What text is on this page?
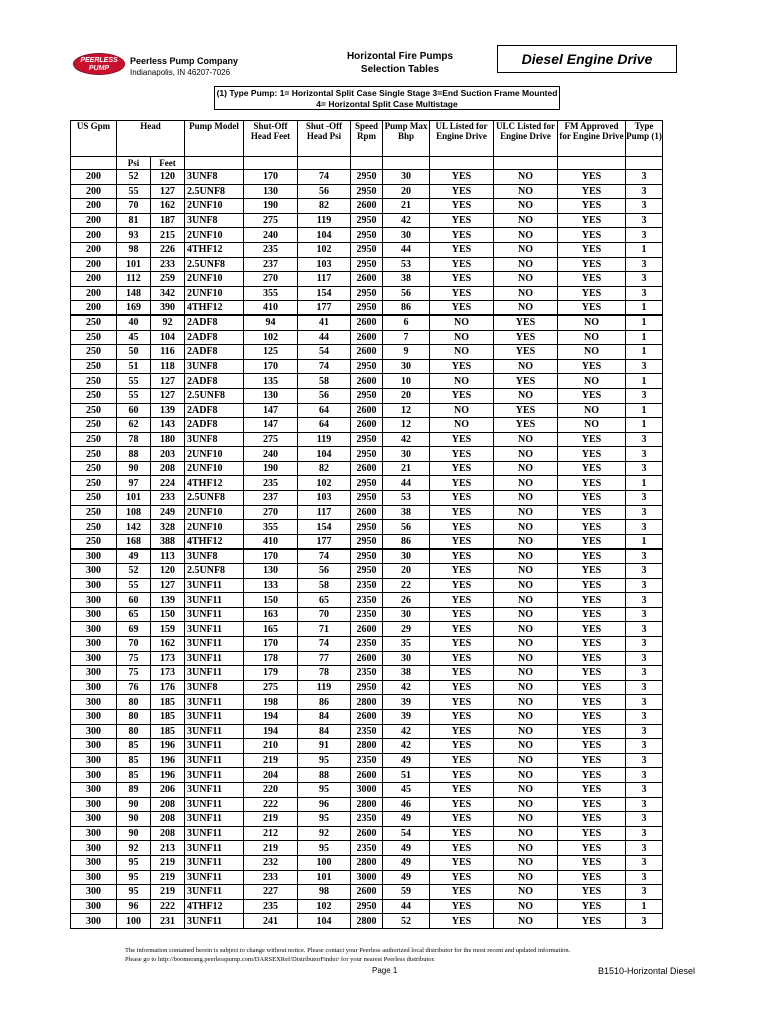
PEERLESS PUMP
Peerless Pump Company
Indianapolis, IN 46207-7026
Horizontal Fire Pumps
Selection Tables
Diesel Engine Drive
(1) Type Pump: 1= Horizontal Split Case Single Stage 3=End Suction Frame Mounted 4= Horizontal Split Case Multistage
US Gpm	Head		Pump Model	Shut-Off Head Feet	Shut -Off Head Psi	Speed Rpm	Pump Max Bhp	UL Listed for Engine Drive	ULC Listed for Engine Drive	FM Approved for Engine Drive	Type Pump (1)
	Psi	Feet									
200	52	120	3UNF8	170	74	2950	30	YES	NO	YES	3
200	55	127	2.5UNF8	130	56	2950	20	YES	NO	YES	3
200	70	162	2UNF10	190	82	2600	21	YES	NO	YES	3
200	81	187	3UNF8	275	119	2950	42	YES	NO	YES	3
200	93	215	2UNF10	240	104	2950	30	YES	NO	YES	3
200	98	226	4THF12	235	102	2950	44	YES	NO	YES	1
200	101	233	2.5UNF8	237	103	2950	53	YES	NO	YES	3
200	112	259	2UNF10	270	117	2600	38	YES	NO	YES	3
200	148	342	2UNF10	355	154	2950	56	YES	NO	YES	3
200	169	390	4THF12	410	177	2950	86	YES	NO	YES	1
250	40	92	2ADF8	94	41	2600	6	NO	YES	NO	1
250	45	104	2ADF8	102	44	2600	7	NO	YES	NO	1
250	50	116	2ADF8	125	54	2600	9	NO	YES	NO	1
250	51	118	3UNF8	170	74	2950	30	YES	NO	YES	3
250	55	127	2ADF8	135	58	2600	10	NO	YES	NO	1
250	55	127	2.5UNF8	130	56	2950	20	YES	NO	YES	3
250	60	139	2ADF8	147	64	2600	12	NO	YES	NO	1
250	62	143	2ADF8	147	64	2600	12	NO	YES	NO	1
250	78	180	3UNF8	275	119	2950	42	YES	NO	YES	3
250	88	203	2UNF10	240	104	2950	30	YES	NO	YES	3
250	90	208	2UNF10	190	82	2600	21	YES	NO	YES	3
250	97	224	4THF12	235	102	2950	44	YES	NO	YES	1
250	101	233	2.5UNF8	237	103	2950	53	YES	NO	YES	3
250	108	249	2UNF10	270	117	2600	38	YES	NO	YES	3
250	142	328	2UNF10	355	154	2950	56	YES	NO	YES	3
250	168	388	4THF12	410	177	2950	86	YES	NO	YES	1
300	49	113	3UNF8	170	74	2950	30	YES	NO	YES	3
300	52	120	2.5UNF8	130	56	2950	20	YES	NO	YES	3
300	55	127	3UNF11	133	58	2350	22	YES	NO	YES	3
300	60	139	3UNF11	150	65	2350	26	YES	NO	YES	3
300	65	150	3UNF11	163	70	2350	30	YES	NO	YES	3
300	69	159	3UNF11	165	71	2600	29	YES	NO	YES	3
300	70	162	3UNF11	170	74	2350	35	YES	NO	YES	3
300	75	173	3UNF11	178	77	2600	30	YES	NO	YES	3
300	75	173	3UNF11	179	78	2350	38	YES	NO	YES	3
300	76	176	3UNF8	275	119	2950	42	YES	NO	YES	3
300	80	185	3UNF11	198	86	2800	39	YES	NO	YES	3
300	80	185	3UNF11	194	84	2600	39	YES	NO	YES	3
300	80	185	3UNF11	194	84	2350	42	YES	NO	YES	3
300	85	196	3UNF11	210	91	2800	42	YES	NO	YES	3
300	85	196	3UNF11	219	95	2350	49	YES	NO	YES	3
300	85	196	3UNF11	204	88	2600	51	YES	NO	YES	3
300	89	206	3UNF11	220	95	3000	45	YES	NO	YES	3
300	90	208	3UNF11	222	96	2800	46	YES	NO	YES	3
300	90	208	3UNF11	219	95	2350	49	YES	NO	YES	3
300	90	208	3UNF11	212	92	2600	54	YES	NO	YES	3
300	92	213	3UNF11	219	95	2350	49	YES	NO	YES	3
300	95	219	3UNF11	232	100	2800	49	YES	NO	YES	3
300	95	219	3UNF11	233	101	3000	49	YES	NO	YES	3
300	95	219	3UNF11	227	98	2600	59	YES	NO	YES	3
300	96	222	4THF12	235	102	2950	44	YES	NO	YES	1
300	100	231	3UNF11	241	104	2800	52	YES	NO	YES	3
The information contained herein is subject to change without notice. Please contact your Peerless authorized local distributor for the most recent and updated information.
Please go to http://boomerang.peerlesspump.com/DARSEXRef/DistributorFinder/ for your nearest Peerless distributor.
Page 1	B1510-Horizontal Diesel
